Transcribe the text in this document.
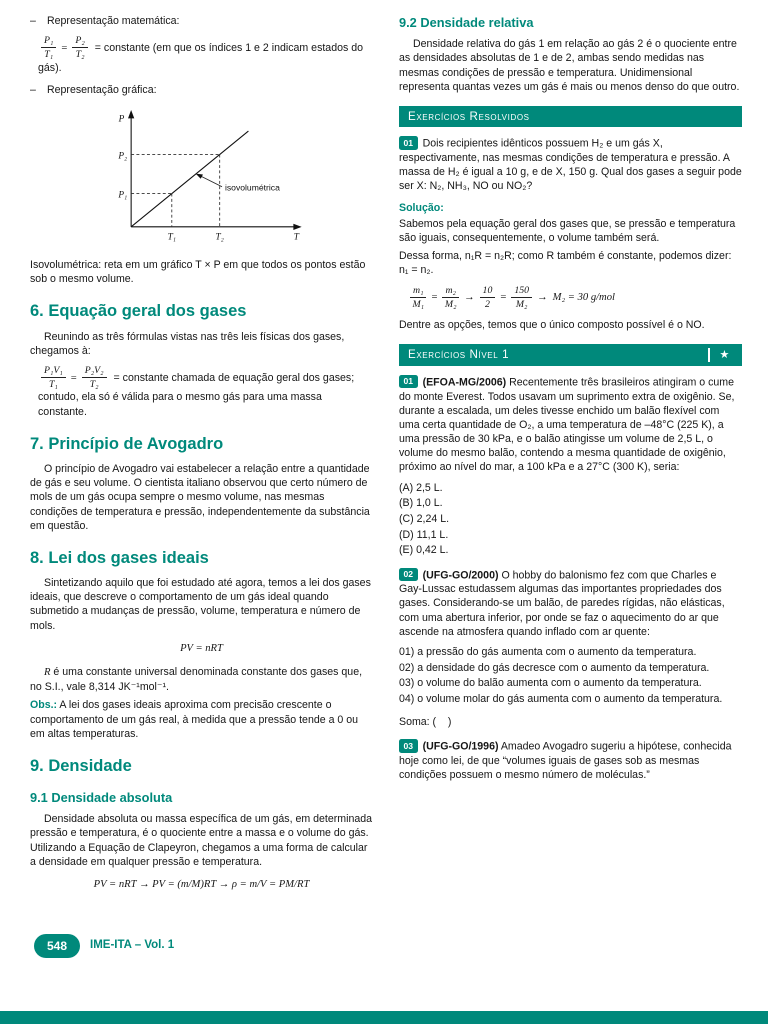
– Representação matemática:
$\frac{\text{P₁}}{\text{T₁}} = \frac{\text{P₂}}{\text{T₂}}$ = constante (em que os índices 1 e 2 indicam estados do gás).
– Representação gráfica:
P
P₂
P₁
T₁	T₂	T
isovolumétrica

Isovolumétrica: reta em um gráfico T × P em que todos os pontos estão sob o mesmo volume.

6. Equação geral dos gases

Reunindo as três fórmulas vistas nas três leis físicas dos gases, chegamos à:

$\frac{\text{P₁V₁}}{\text{T₁}} = \frac{\text{P₂V₂}}{\text{T₂}}$ = constante chamada de equação geral dos gases; contudo, ela só é válida para o mesmo gás para uma massa constante.
7. Princípio de Avogadro

O princípio de Avogadro vai estabelecer a relação entre a quantidade de gás e seu volume. O cientista italiano observou que certo número de mols de um gás ocupa sempre o mesmo volume, nas mesmas condições de temperatura e pressão, independentemente da substância em questão.

8. Lei dos gases ideais

Sintetizando aquilo que foi estudado até agora, temos a lei dos gases ideais, que descreve o comportamento de um gás ideal quando submetido a mudanças de pressão, volume, temperatura e número de mols.

PV = nRT

R é uma constante universal denominada constante dos gases que, no S.I., vale 8,314 JK⁻¹mol⁻¹.

Obs.: A lei dos gases ideais aproxima com precisão crescente o comportamento de um gás real, à medida que a pressão tende a 0 ou em altas temperaturas.

9. Densidade
9.1 Densidade absoluta

Densidade absoluta ou massa específica de um gás, em determinada pressão e temperatura, é o quociente entre a massa e o volume do gás. Utilizando a Equação de Clapeyron, chegamos a uma forma de calcular a densidade em qualquer pressão e temperatura.

PV = nRT → PV = (m/M)RT → ρ = m/V = PM/RT

9.2 Densidade relativa

Densidade relativa do gás 1 em relação ao gás 2 é o quociente entre as densidades absolutas de 1 e de 2, ambas sendo medidas nas mesmas condições de pressão e temperatura. Unidimensional representa quantas vezes um gás é mais ou menos denso do que outro.

Exercícios Resolvidos

01 Dois recipientes idênticos possuem H₂ e um gás X, respectivamente, nas mesmas condições de temperatura e pressão. A massa de H₂ é igual a 10 g, e de X, 150 g. Qual dos gases a seguir pode ser X: N₂, NH₃, NO ou NO₂?

Solução:

Sabemos pela equação geral dos gases que, se pressão e temperatura são iguais, consequentemente, o volume também será.

Dessa forma, n₁R = n₂R; como R também é constante, podemos dizer: n₁ = n₂.

$\frac{\text{m₁}}{\text{M₁}} = \frac{\text{m₂}}{\text{M₂}} \to \frac{10}{2} = \frac{150}{\text{M₂}} \to M_2 = 30$ g/mol

Dentre as opções, temos que o único composto possível é o NO.

Exercícios Nível 1	★

01 (EFOA-MG/2006) Recentemente três brasileiros atingiram o cume do monte Everest. Todos usavam um suprimento extra de oxigênio. Se, durante a escalada, um deles tivesse enchido um balão flexível com uma certa quantidade de O₂, a uma temperatura de –48°C (225 K), a uma pressão de 30 kPa, e o balão atingisse um volume de 2,5 L, o volume do mesmo balão, contendo a mesma quantidade de oxigênio, próximo ao nível do mar, a 100 kPa e a 27°C (300 K), seria:

(A) 2,5 L.
(B) 1,0 L.
(C) 2,24 L.
(D) 11,1 L.
(E) 0,42 L.

02 (UFG-GO/2000) O hobby do balonismo fez com que Charles e Gay-Lussac estudassem algumas das importantes propriedades dos gases. Considerando-se um balão, de paredes rígidas, não elásticas, com uma abertura inferior, por onde se faz o aquecimento do ar que ascende na atmosfera quando inflado com ar quente:

01) a pressão do gás aumenta com o aumento da temperatura.
02) a densidade do gás decresce com o aumento da temperatura.
03) o volume do balão aumenta com o aumento da temperatura.
04) o volume molar do gás aumenta com o aumento da temperatura.

Soma: (    )

03 (UFG-GO/1996) Amadeo Avogadro sugeriu a hipótese, conhecida hoje como lei, de que “volumes iguais de gases sob as mesmas condições possuem o mesmo número de moléculas.”

548	IME-ITA – Vol. 1
